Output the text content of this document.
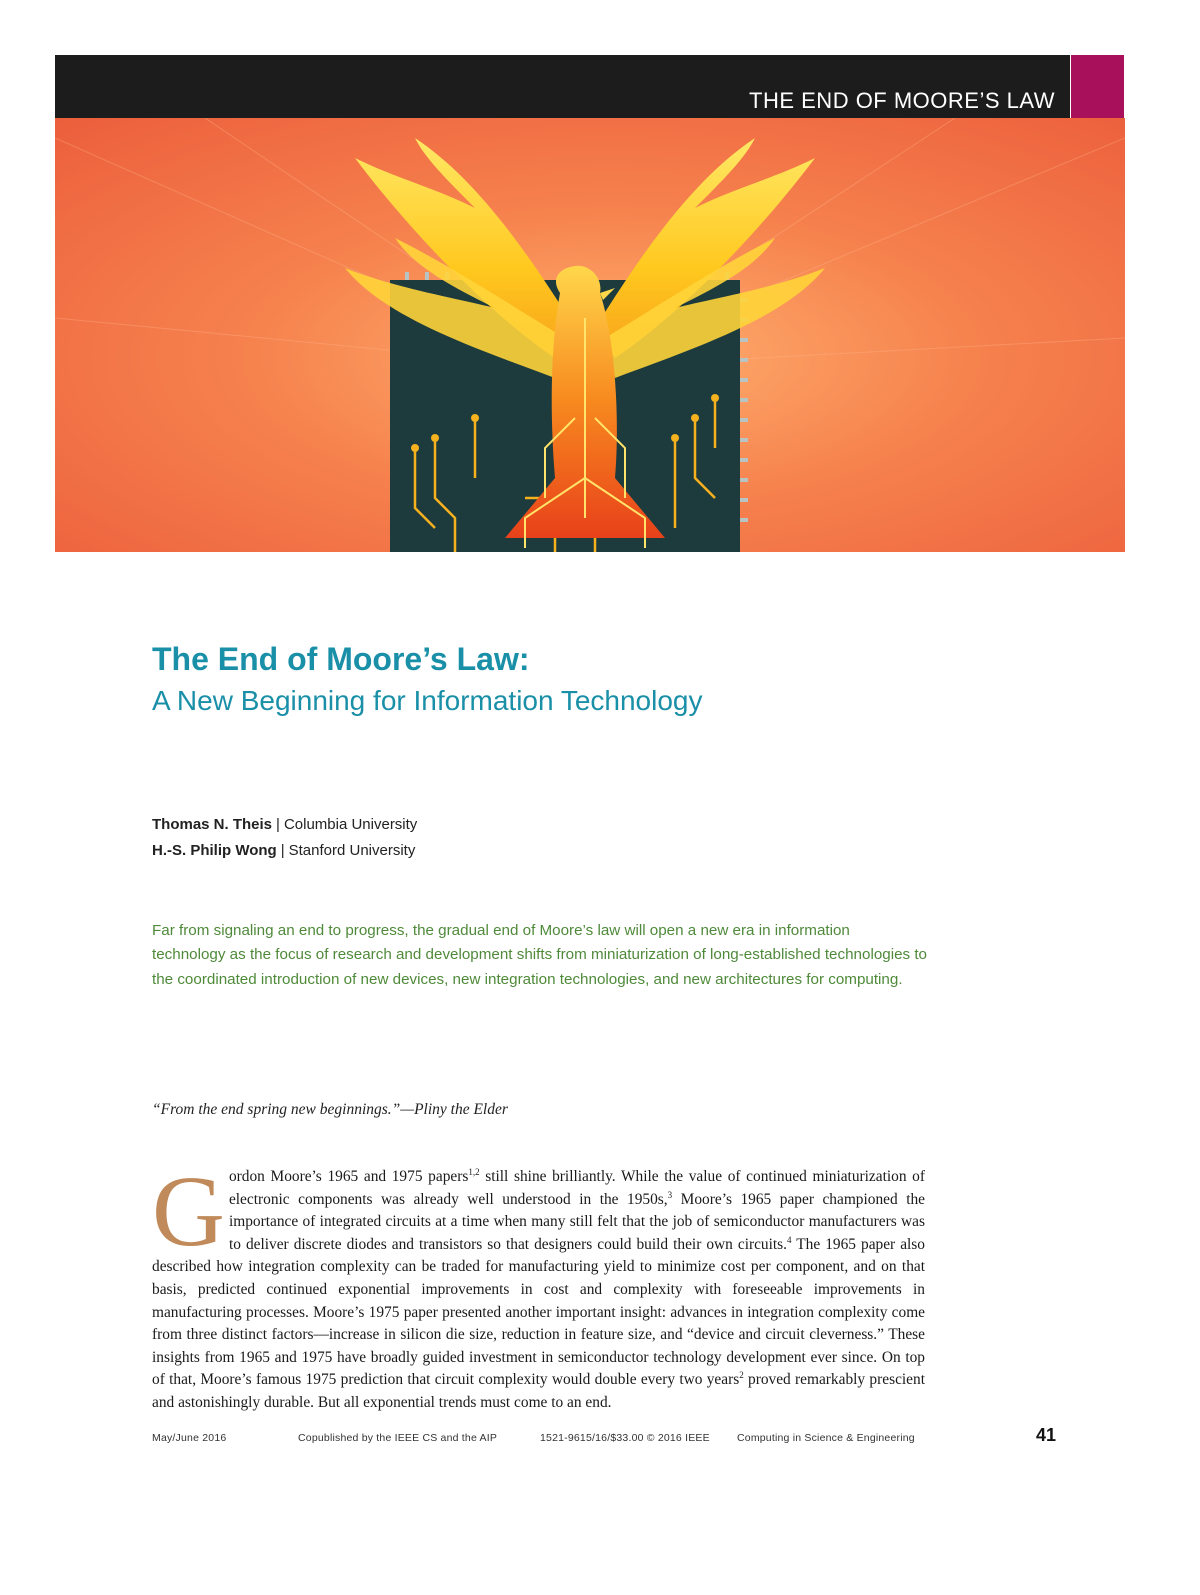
THE END OF MOORE’S LAW
The End of Moore’s Law:
A New Beginning for Information Technology
Thomas N. Theis | Columbia University
H.-S. Philip Wong | Stanford University

Far from signaling an end to progress, the gradual end of Moore’s law will open a new era in information technology as the focus of research and development shifts from miniaturization of long-established technologies to the coordinated introduction of new devices, new integration technologies, and new architectures for computing.

“From the end spring new beginnings.”—Pliny the Elder
Gordon Moore’s 1965 and 1975 papers$^{1,2}$ still shine brilliantly. While the value of continued miniaturization of electronic components was already well understood in the 1950s,$^3$ Moore’s 1965 paper championed the importance of integrated circuits at a time when many still felt that the job of semiconductor manufacturers was to deliver discrete diodes and transistors so that designers could build their own circuits.$^4$ The 1965 paper also described how integration complexity can be traded for manufacturing yield to minimize cost per component, and on that basis, predicted continued exponential improvements in cost and complexity with foreseeable improvements in manufacturing processes. Moore’s 1975 paper presented another important insight: advances in integration complexity come from three distinct factors—increase in silicon die size, reduction in feature size, and “device and circuit cleverness.” These insights from 1965 and 1975 have broadly guided investment in semiconductor technology development ever since. On top of that, Moore’s famous 1975 prediction that circuit complexity would double every two years$^2$ proved remarkably prescient and astonishingly durable. But all exponential trends must come to an end.
May/June 2016	Copublished by the IEEE CS and the AIP	1521-9615/16/$33.00 © 2016 IEEE	Computing in Science & Engineering	41
